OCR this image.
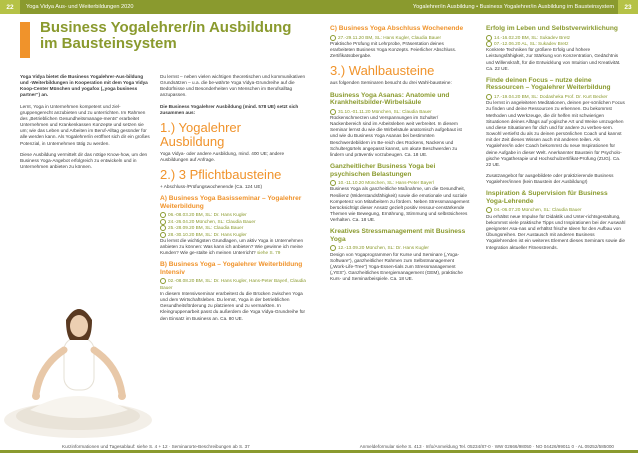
22	Yoga Vidya Aus- und Weiterbildungen 2020	Yogalehrer/in Ausbildung • Business Yogalehrer/in Ausbildung im Bausteinsystem	23
Business Yogalehrer/in Ausbildung im Bausteinsystem

Yoga Vidya bietet die Business Yogalehrer-Aus-bildung und -Weiterbildungen in Kooperation mit dem Yoga Vidya Koop-Center München und yogafox („yoga business partner“) an.

Lernt, Yoga in Unternehmen kompetent und ziel-gruppengerecht anzubieten und zu unterrichten. Im Rahmen des „Betrieblichen Gesundheitsmanage-ments“ erarbeitet Unternehmen und Krankenkassen Konzepte und setzen sie um; wie das Leben und Arbeiten im Beruf-Alltag gesünder für alle werden kann. Als Yogalehrer/in eröffnet sich dir ein großes Potenzial, in Unternehmen tätig zu werden.

Diese Ausbildung vermittelt dir das nötige Know-how, um den Business Yoga-Angebot erfolgreich zu entwickeln und in Unternehmen anbieten zu können.

Du lernst – neben vielen wichtigen theoretischen und kommunikativen Grundsätzen – u.a. die be-währte Yoga Vidya-Grundreihe auf die Bedürfnisse und Besonderheiten von Menschen im Berufsalltag anzupassen.

Die Business Yogalehrer Ausbildung (mind. 578 UE) setzt sich zusammen aus:

1.) Yogalehrer Ausbildung

Yoga Vidya- oder andere Ausbildung, mind. 400 UE; andere Ausbildungen auf Anfrage.

2.) 3 Pflichtbausteine
+ Abschluss-/Prüfungswochenende (Ca. 124 UE)
A) Business Yoga Basisseminar – Yogalehrer Weiterbildung
06.-08.03.20 BM, SL: Dr. Hans Kugler
24.-26.04.20 München, SL: Claudia Bauer
25.-28.09.20 BM, SL: Claudia Bauer
28.-30.10.20 BM, SL: Dr. Hans Kugler

Du lernst die wichtigsten Grundlagen, um aktiv Yoga in Unternehmen anbieten zu können: Was kann ich anbieten? Wie gewinne ich meine Kunden? Wie ge-stalte ich meinen Unterricht? siehe S. 79

B) Business Yoga – Yogalehrer Weiterbildung Intensiv
02.-08.08.20 BM, SL: Dr. Hans Kugler, Hans-Peter Bayerl, Claudia Bauer

In diesem Intensivseminar erarbeitest du die Brücken zwischen Yoga und dem Wirtschaftsleben. Du lernst, Yoga in der betrieblichen Gesundheitsförderung zu platzieren und zu vermarkten. In Kleingruppenarbeit passt du außerdem die Yoga Vidya-Grundreihe für den Einsatz im Business an. Ca. 80 UE.

C) Business Yoga Abschluss Wochenende
27.-29.11.20 BM, SL: Hans Kugler, Claudia Bauer

Praktische Prüfung mit Lehrprobe, Präsentation deines erarbeiteten Business Yoga Konzepts. Feierlicher Abschluss. Zertifikatsübergabe.

3.) Wahlbausteine

aus folgenden Seminaren besucht du drei Wahl-bausteine:

Business Yoga Asanas: Anatomie und Krankheitsbilder-Wirbelsäule
31.10.-01.11.20 München, SL: Claudia Bauer

Rückenschmerzen und Verspannungen im Schulter/ Nackenbereich sind im Arbeitsleben weit verbreitet. In diesem Seminar lernst du wie die Wirbelsäule anatomisch aufgebaut ist und wie du Business Yoga Asanas bei bestimmten Beschwerdebildern im Be-reich des Rückens, Nackens und Schultergürtels angepasst kannst, um akute Beschwerden zu lindern und präventiv vorzubeugen. Ca. 18 UE.

Ganzheitlicher Business Yoga bei psychischen Belastungen
10.-11.10.20 München, SL: Hans-Peter Bayerl

Business Yoga als ganzheitliche Maßnahme, um die Gesundheit, Resilienz (Widerstandsfähigkeit) sowie die emotionale und soziale Kompetenz von Mitarbeitern zu fördern. Neben Stressmanagement berücksichtigt dieser Ansatz gezielt positiv ressour-censtärkende Themen wie Bewegung, Ernährung, Stimmung und selbstsicheres Verhalten. Ca. 18 UE.

Kreatives Stressmanagement mit Business Yoga
12.-13.09.20 München, SL: Dr. Hans Kugler

Design von Yogaprogrammen für Kurse und Seminare („Yoga-Software“), ganzheitlicher Rahmen zum Selbstmanagement („Work-Life-Tree“) Yoga-Essen-tials zum Stressmanagement („YES“). Ganzheitliches Energiemanagement (GEM), praktische Kurs- und Seminarbeispiele. Ca. 18 UE.

Erfolg im Leben und Selbstverwirklichung
14.-16.02.20 BM, SL: Sukadev Bretz
07.-12.06.20 AL, SL: Sukadev Bretz

Konkrete Techniken für größere Erfolg und höhere Leistungsfähigkeit, zur Stärkung von Konzentration, Gedächtnis und Willenskraft, für die Entwicklung von Intuition und Kreativität. Ca. 22 UE.

Finde deinen Focus – nutze deine Ressourcen – Yogalehrer Weiterbildung
17.-19.04.20 BM, SL: Dodasheka Prof. Dr. Kurt Becker

Du lernst in angeleiteten Meditationen, deinen per-sönlichen Focus zu finden und deine Ressourcen zu erkennen. Du bekommst Methoden und Werkzeuge, die dir helfen mit schwierigen Situationen deines Alltags auf yogische Art und Weise umzugehen und diese Situationen für dich und für andere zu verbes-sern. Sowohl vertiefst du als zu deinen persönlichen Coach und kannst mit der Zeit dieses Wissen auch mit anderen teilen. Als Yogalehrer/in oder Coach bekommst du neue Inspirationen für deine Aufgabe in dieser Welt. Anerkannter Baustein für Psycholo-gische Yogatherapie und Hochschulzertifikat-Prüfung (ZUG). Ca. 22 UE.

Zusatzangebot für ausgebildete oder praktizierende Business Yogalehrer/innen (kein Baustein der Ausbildung!)

Inspiration & Supervision für Business Yoga-Lehrende
04.-06.07.20 München, SL: Claudia Bauer

Du erhältst neue Impulse für Didaktik und Unter-richtsgestaltung, bekommst viele praktische Tipps und Inspirationen bei der Auswahl geeigneter Asa-nas und erhältst frische Ideen für den Aufbau von Übungsreihen. Der Austausch mit anderen Business Yogalehrenden ist ein weiteres Element dieses Seminars sowie die Integration aktueller Fitnesstrends.

Kurzinformationen und Tagesablauf: siehe S. 4 + 12 · Seminarorte-Beschreibungen ab S. 37	Anmeldeformular siehe S. 413 · Info/Anmeldung Tel. 05234/87-0 · WW 02666/98050 · NO 04426/99011 0 · AL 09252/585000
